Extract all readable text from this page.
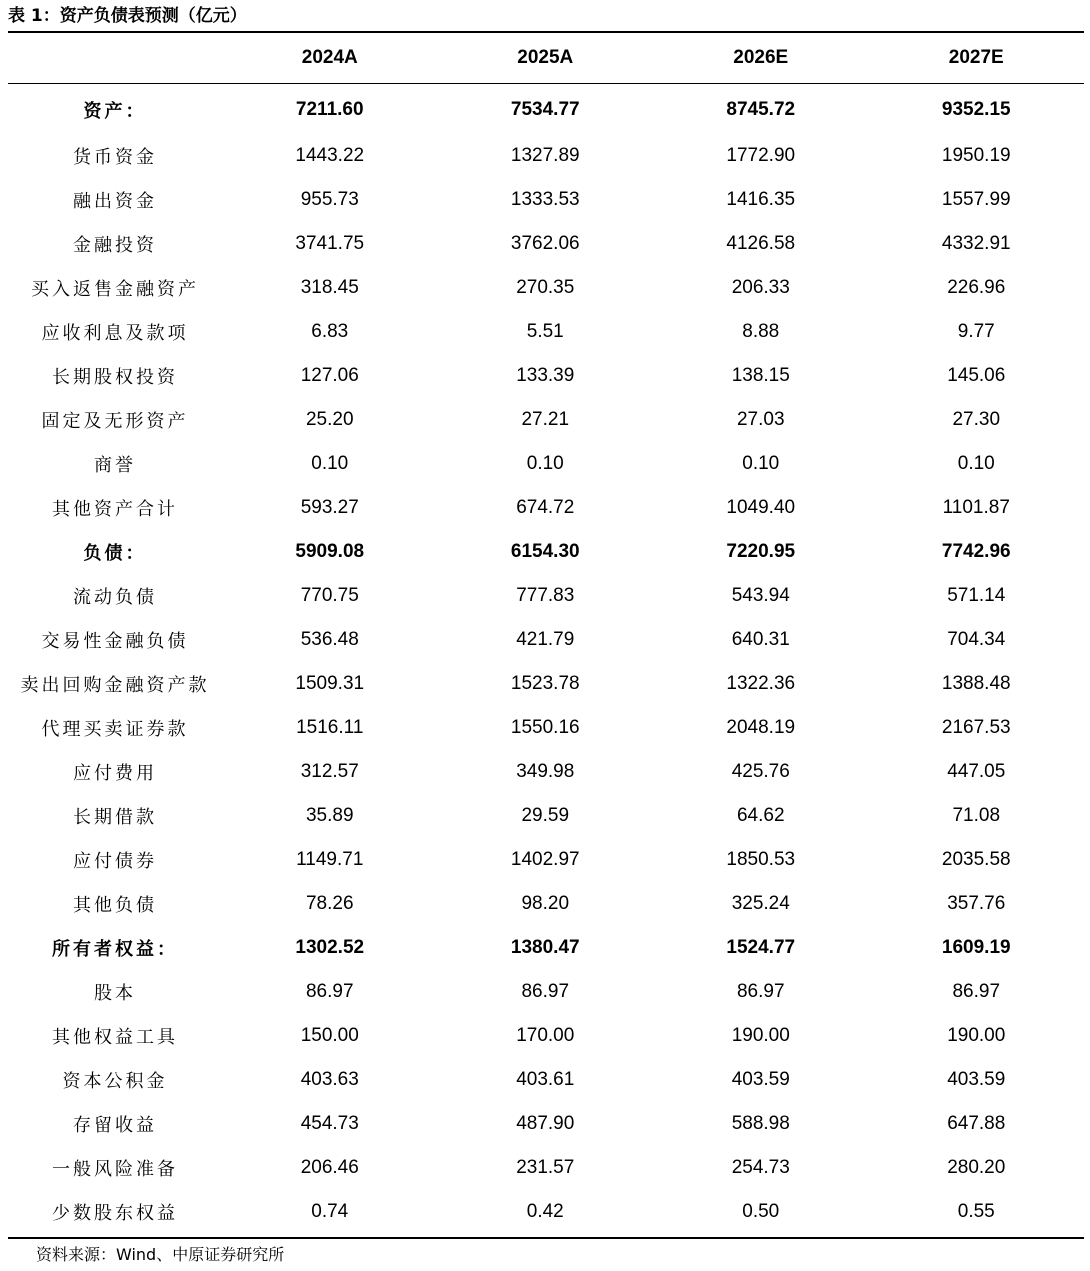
表 1：资产负债表预测（亿元）
	2024A	2025A	2026E	2027E
资产：	7211.60	7534.77	8745.72	9352.15
货币资金	1443.22	1327.89	1772.90	1950.19
融出资金	955.73	1333.53	1416.35	1557.99
金融投资	3741.75	3762.06	4126.58	4332.91
买入返售金融资产	318.45	270.35	206.33	226.96
应收利息及款项	6.83	5.51	8.88	9.77
长期股权投资	127.06	133.39	138.15	145.06
固定及无形资产	25.20	27.21	27.03	27.30
商誉	0.10	0.10	0.10	0.10
其他资产合计	593.27	674.72	1049.40	1101.87
负债：	5909.08	6154.30	7220.95	7742.96
流动负债	770.75	777.83	543.94	571.14
交易性金融负债	536.48	421.79	640.31	704.34
卖出回购金融资产款	1509.31	1523.78	1322.36	1388.48
代理买卖证券款	1516.11	1550.16	2048.19	2167.53
应付费用	312.57	349.98	425.76	447.05
长期借款	35.89	29.59	64.62	71.08
应付债券	1149.71	1402.97	1850.53	2035.58
其他负债	78.26	98.20	325.24	357.76
所有者权益：	1302.52	1380.47	1524.77	1609.19
股本	86.97	86.97	86.97	86.97
其他权益工具	150.00	170.00	190.00	190.00
资本公积金	403.63	403.61	403.59	403.59
存留收益	454.73	487.90	588.98	647.88
一般风险准备	206.46	231.57	254.73	280.20
少数股东权益	0.74	0.42	0.50	0.55
资料来源：Wind、中原证券研究所
